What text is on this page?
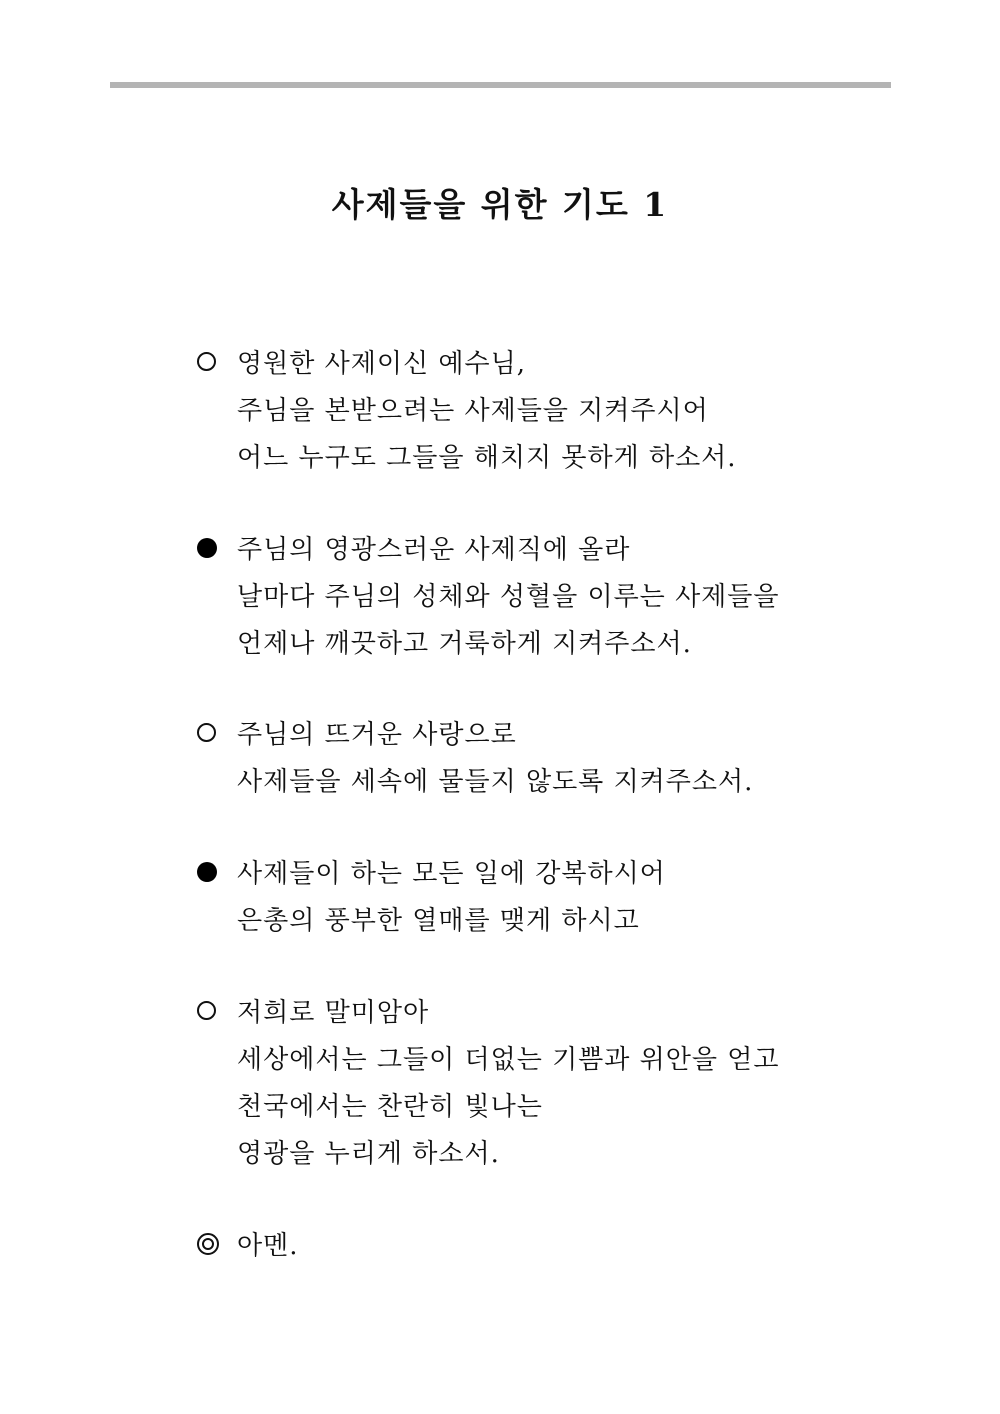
사제들을 위한 기도 1
영원한 사제이신 예수님,
주님을 본받으려는 사제들을 지켜주시어
어느 누구도 그들을 해치지 못하게 하소서.
주님의 영광스러운 사제직에 올라
날마다 주님의 성체와 성혈을 이루는 사제들을
언제나 깨끗하고 거룩하게 지켜주소서.
주님의 뜨거운 사랑으로
사제들을 세속에 물들지 않도록 지켜주소서.
사제들이 하는 모든 일에 강복하시어
은총의 풍부한 열매를 맺게 하시고
저희로 말미암아
세상에서는 그들이 더없는 기쁨과 위안을 얻고
천국에서는 찬란히 빛나는
영광을 누리게 하소서.
아멘.
